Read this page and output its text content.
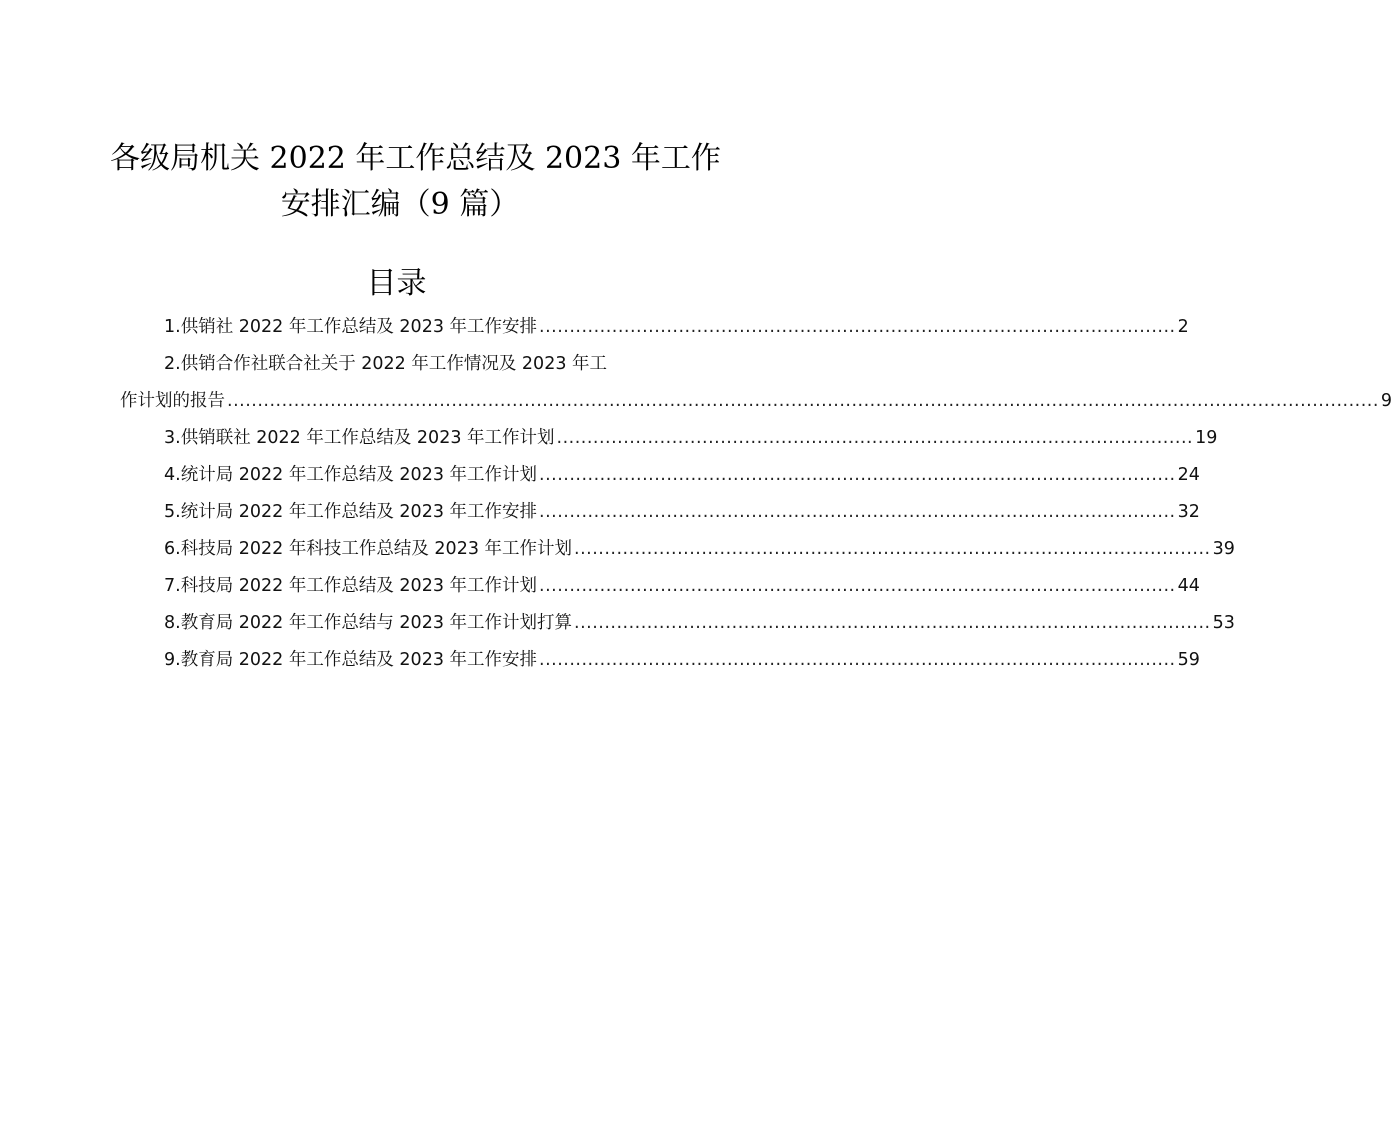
各级局机关 2022 年工作总结及 2023 年工作
安排汇编（9 篇）
目录
1.供销社 2022 年工作总结及 2023 年工作安排 ......................................................................................................... 2
2.供销合作社联合社关于 2022 年工作情况及 2023 年工
作计划的报告 .............................................................................................................................................................................................. 9
3.供销联社 2022 年工作总结及 2023 年工作计划 ......................................................................................................... 19
4.统计局 2022 年工作总结及 2023 年工作计划 ......................................................................................................... 24
5.统计局 2022 年工作总结及 2023 年工作安排 ......................................................................................................... 32
6.科技局 2022 年科技工作总结及 2023 年工作计划 ......................................................................................................... 39
7.科技局 2022 年工作总结及 2023 年工作计划 ......................................................................................................... 44
8.教育局 2022 年工作总结与 2023 年工作计划打算 ......................................................................................................... 53
9.教育局 2022 年工作总结及 2023 年工作安排 ......................................................................................................... 59
